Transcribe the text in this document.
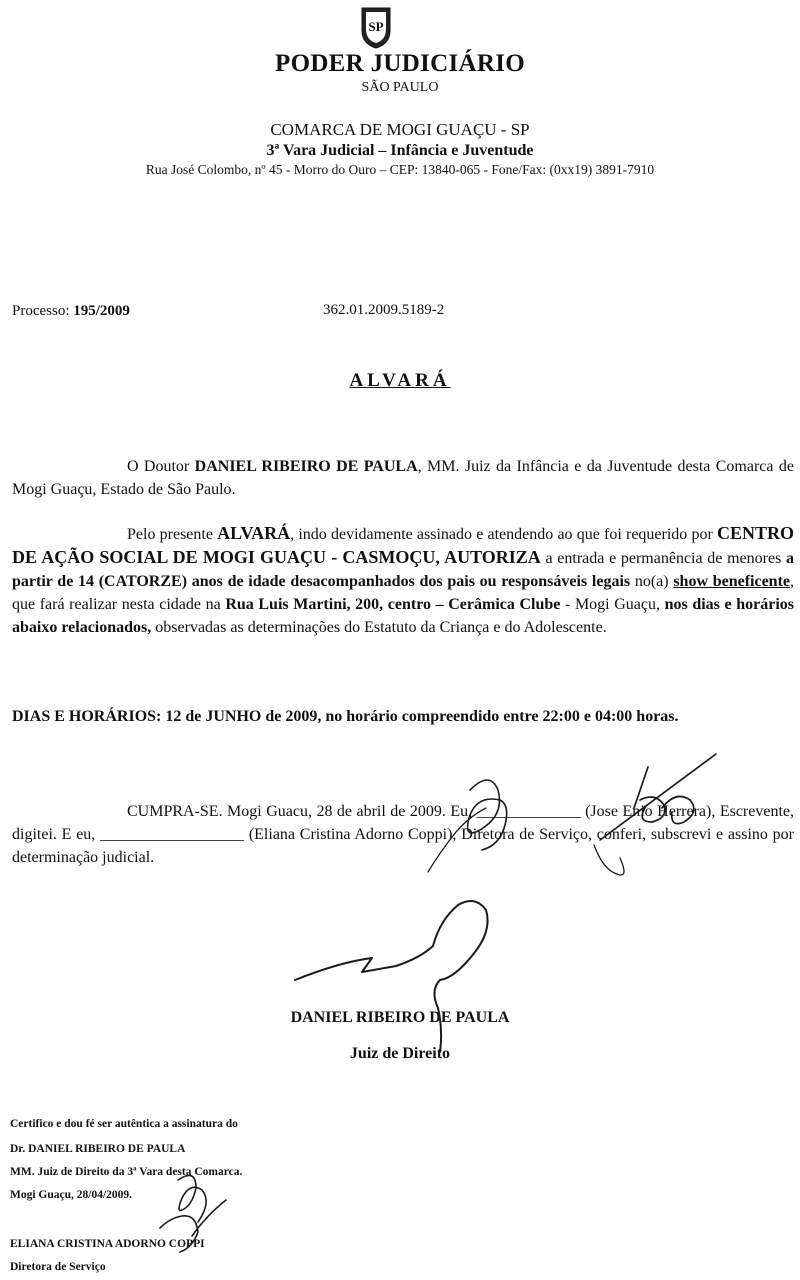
SP
PODER JUDICIÁRIO
SÃO PAULO
COMARCA DE MOGI GUAÇU - SP
3ª Vara Judicial – Infância e Juventude
Rua José Colombo, nº 45 - Morro do Ouro – CEP: 13840-065 - Fone/Fax: (0xx19) 3891-7910
Processo: 195/2009	362.01.2009.5189-2
ALVARÁ
O Doutor DANIEL RIBEIRO DE PAULA, MM. Juiz da Infância e da Juventude desta Comarca de Mogi Guaçu, Estado de São Paulo.
Pelo presente ALVARÁ, indo devidamente assinado e atendendo ao que foi requerido por CENTRO DE AÇÃO SOCIAL DE MOGI GUAÇU - CASMOÇU, AUTORIZA a entrada e permanência de menores a partir de 14 (CATORZE) anos de idade desacompanhados dos pais ou responsáveis legais no(a) show beneficente, que fará realizar nesta cidade na Rua Luis Martini, 200, centro – Cerâmica Clube - Mogi Guaçu, nos dias e horários abaixo relacionados, observadas as determinações do Estatuto da Criança e do Adolescente.
DIAS E HORÁRIOS: 12 de JUNHO de 2009, no horário compreendido entre 22:00 e 04:00 horas.
CUMPRA-SE. Mogi Guacu, 28 de abril de 2009. Eu, _____________ (Jose Enio Herrera), Escrevente, digitei. E eu, __________________ (Eliana Cristina Adorno Coppi), Diretora de Serviço, conferi, subscrevi e assino por determinação judicial.
DANIEL RIBEIRO DE PAULA
Juiz de Direito
Certifico e dou fé ser autêntica a assinatura do
Dr. DANIEL RIBEIRO DE PAULA
MM. Juiz de Direito da 3ª Vara desta Comarca.
Mogi Guaçu, 28/04/2009.
ELIANA CRISTINA ADORNO COPPI
Diretora de Serviço
